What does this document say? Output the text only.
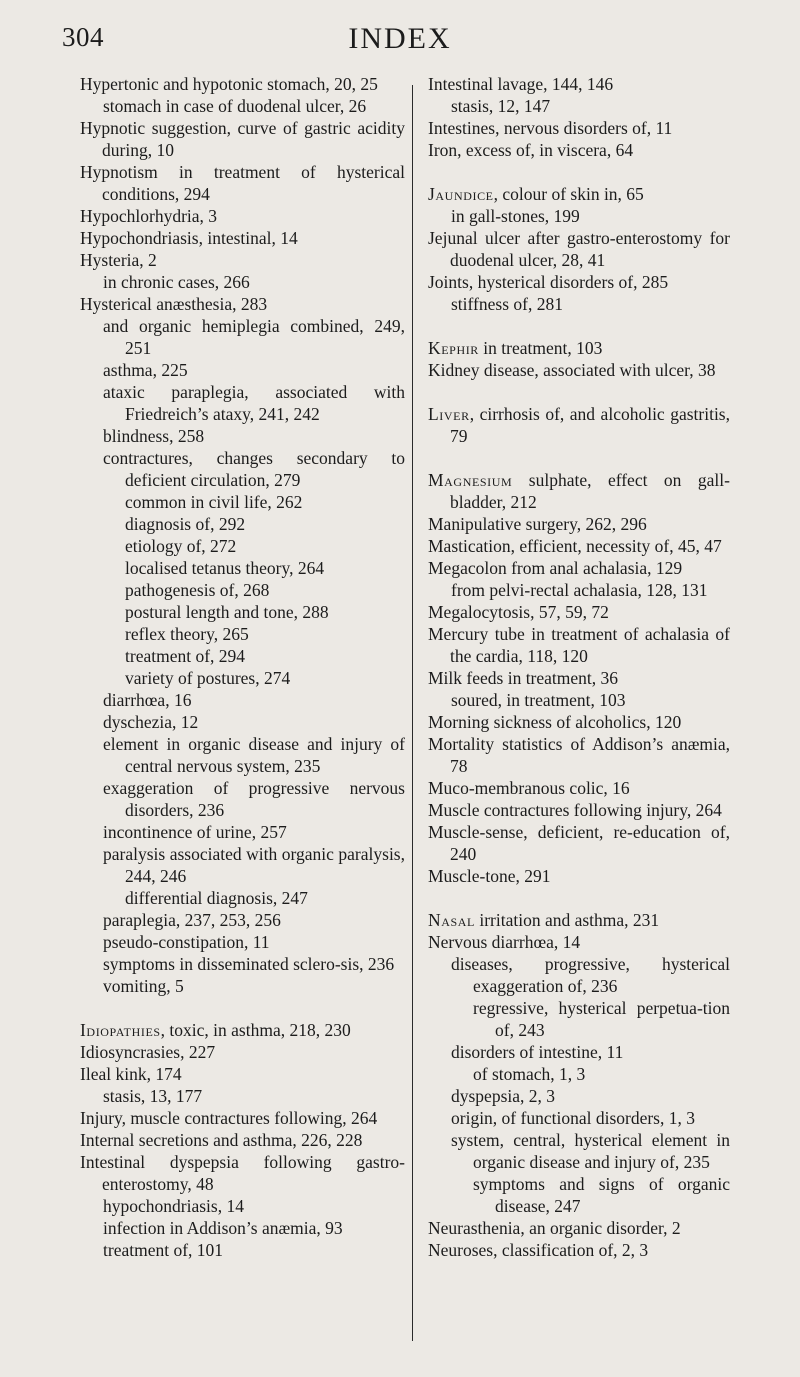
304	INDEX
Hypertonic and hypotonic stomach, 20, 25
stomach in case of duodenal ulcer, 26
Hypnotic suggestion, curve of gastric acidity during, 10
Hypnotism in treatment of hysterical conditions, 294
Hypochlorhydria, 3
Hypochondriasis, intestinal, 14
Hysteria, 2
in chronic cases, 266
Hysterical anæsthesia, 283
and organic hemiplegia combined, 249, 251
asthma, 225
ataxic paraplegia, associated with Friedreich’s ataxy, 241, 242
blindness, 258
contractures, changes secondary to deficient circulation, 279
common in civil life, 262
diagnosis of, 292
etiology of, 272
localised tetanus theory, 264
pathogenesis of, 268
postural length and tone, 288
reflex theory, 265
treatment of, 294
variety of postures, 274
diarrhœa, 16
dyschezia, 12
element in organic disease and injury of central nervous system, 235
exaggeration of progressive nervous disorders, 236
incontinence of urine, 257
paralysis associated with organic paralysis, 244, 246
differential diagnosis, 247
paraplegia, 237, 253, 256
pseudo-constipation, 11
symptoms in disseminated sclero-sis, 236
vomiting, 5
Idiopathies, toxic, in asthma, 218, 230
Idiosyncrasies, 227
Ileal kink, 174
stasis, 13, 177
Injury, muscle contractures following, 264
Internal secretions and asthma, 226, 228
Intestinal dyspepsia following gastro-enterostomy, 48
hypochondriasis, 14
infection in Addison’s anæmia, 93
treatment of, 101
Intestinal lavage, 144, 146
stasis, 12, 147
Intestines, nervous disorders of, 11
Iron, excess of, in viscera, 64
Jaundice, colour of skin in, 65
in gall-stones, 199
Jejunal ulcer after gastro-enterostomy for duodenal ulcer, 28, 41
Joints, hysterical disorders of, 285
stiffness of, 281
Kephir in treatment, 103
Kidney disease, associated with ulcer, 38
Liver, cirrhosis of, and alcoholic gastritis, 79
Magnesium sulphate, effect on gall-bladder, 212
Manipulative surgery, 262, 296
Mastication, efficient, necessity of, 45, 47
Megacolon from anal achalasia, 129
from pelvi-rectal achalasia, 128, 131
Megalocytosis, 57, 59, 72
Mercury tube in treatment of achalasia of the cardia, 118, 120
Milk feeds in treatment, 36
soured, in treatment, 103
Morning sickness of alcoholics, 120
Mortality statistics of Addison’s anæmia, 78
Muco-membranous colic, 16
Muscle contractures following injury, 264
Muscle-sense, deficient, re-education of, 240
Muscle-tone, 291
Nasal irritation and asthma, 231
Nervous diarrhœa, 14
diseases, progressive, hysterical exaggeration of, 236
regressive, hysterical perpetua-tion of, 243
disorders of intestine, 11
of stomach, 1, 3
dyspepsia, 2, 3
origin, of functional disorders, 1, 3
system, central, hysterical element in organic disease and injury of, 235
symptoms and signs of organic disease, 247
Neurasthenia, an organic disorder, 2
Neuroses, classification of, 2, 3
